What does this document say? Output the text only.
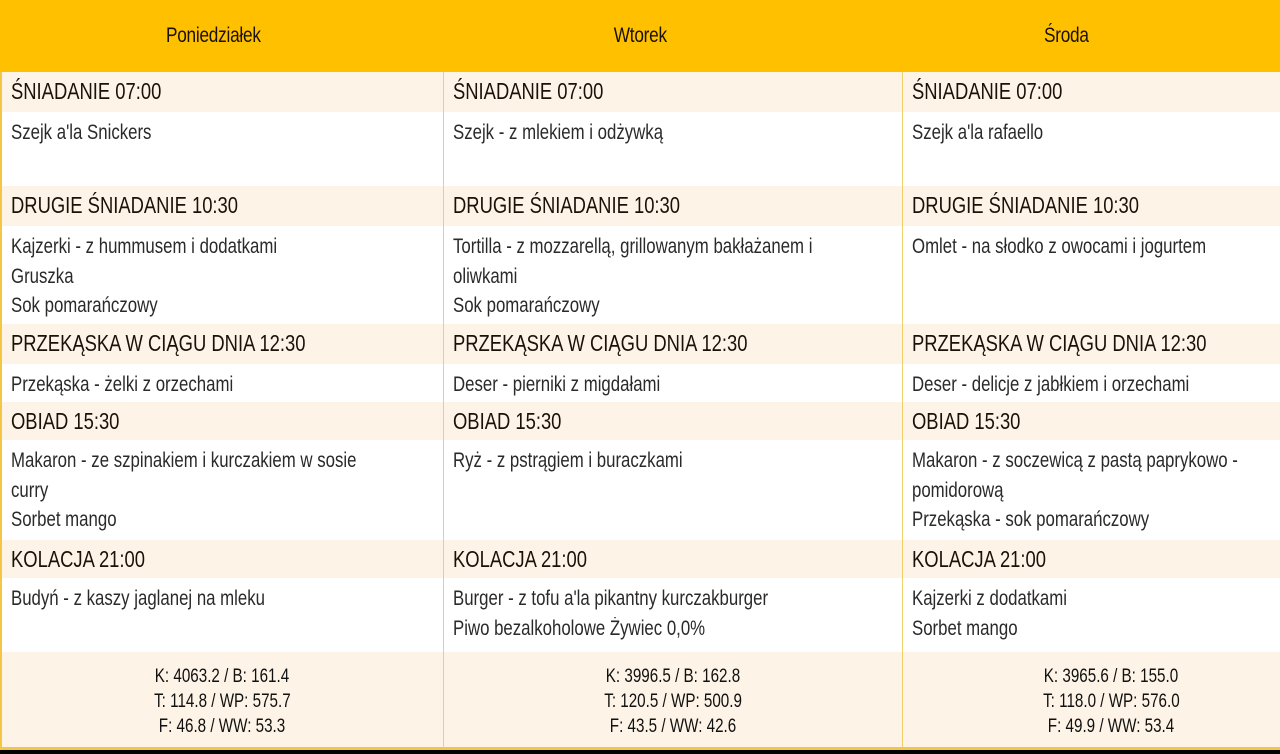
Poniedziałek	Wtorek	Środa
ŚNIADANIE 07:00
Szejk a'la Snickers
DRUGIE ŚNIADANIE 10:30
Kajzerki - z hummusem i dodatkami
Gruszka
Sok pomarańczowy
PRZEKĄSKA W CIĄGU DNIA 12:30
Przekąska - żelki z orzechami
OBIAD 15:30
Makaron - ze szpinakiem i kurczakiem w sosie
curry
Sorbet mango
KOLACJA 21:00
Budyń - z kaszy jaglanej na mleku
K: 4063.2 / B: 161.4
T: 114.8 / WP: 575.7
F: 46.8 / WW: 53.3
ŚNIADANIE 07:00
Szejk - z mlekiem i odżywką
DRUGIE ŚNIADANIE 10:30
Tortilla - z mozzarellą, grillowanym bakłażanem i
oliwkami
Sok pomarańczowy
PRZEKĄSKA W CIĄGU DNIA 12:30
Deser - pierniki z migdałami
OBIAD 15:30
Ryż - z pstrągiem i buraczkami
KOLACJA 21:00
Burger - z tofu a'la pikantny kurczakburger
Piwo bezalkoholowe Żywiec 0,0%
K: 3996.5 / B: 162.8
T: 120.5 / WP: 500.9
F: 43.5 / WW: 42.6
ŚNIADANIE 07:00
Szejk a'la rafaello
DRUGIE ŚNIADANIE 10:30
Omlet - na słodko z owocami i jogurtem
PRZEKĄSKA W CIĄGU DNIA 12:30
Deser - delicje z jabłkiem i orzechami
OBIAD 15:30
Makaron - z soczewicą z pastą paprykowo -
pomidorową
Przekąska - sok pomarańczowy
KOLACJA 21:00
Kajzerki z dodatkami
Sorbet mango
K: 3965.6 / B: 155.0
T: 118.0 / WP: 576.0
F: 49.9 / WW: 53.4
